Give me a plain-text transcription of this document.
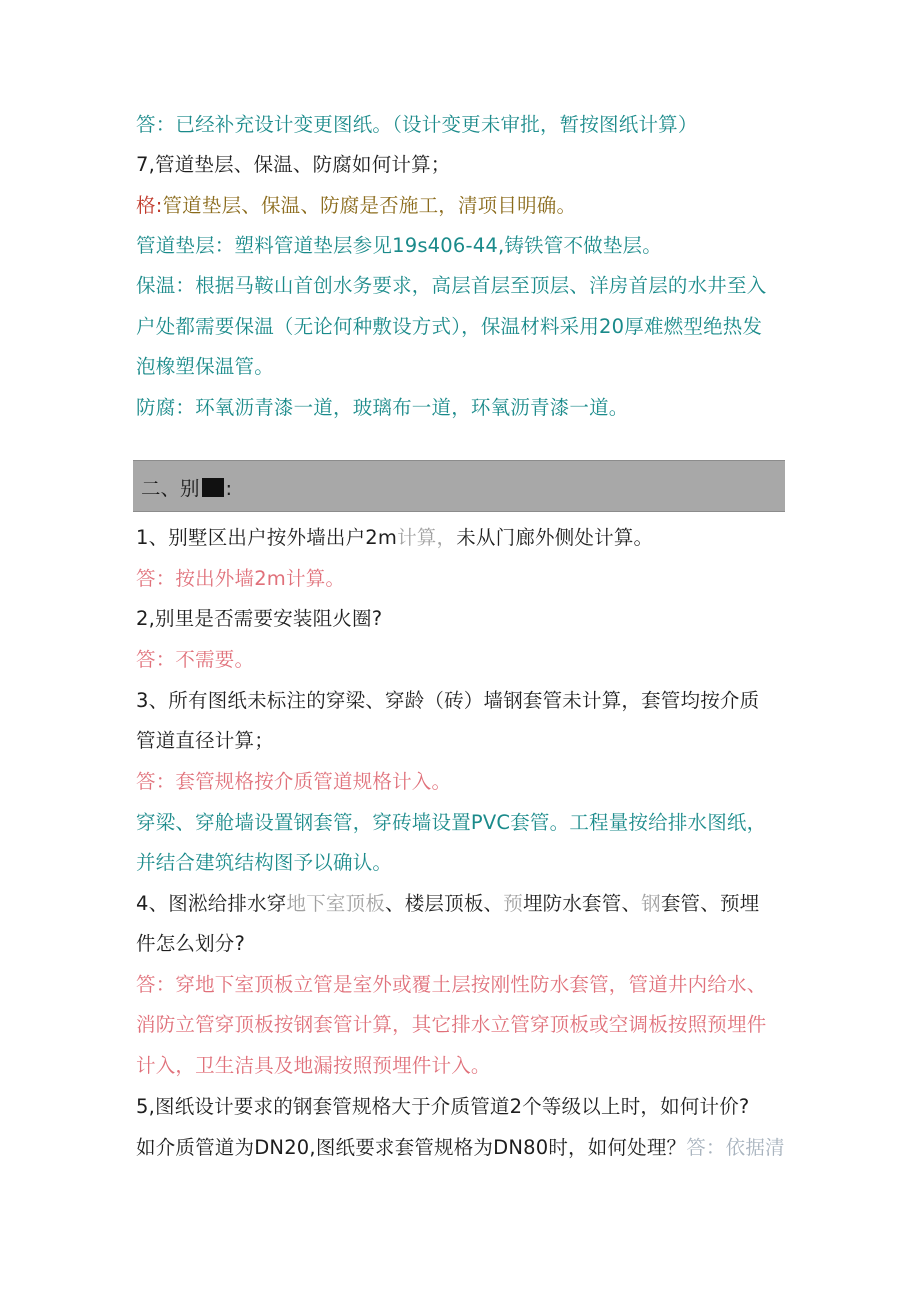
答：已经补充设计变更图纸。（设计变更未审批，暂按图纸计算）
7,管道垫层、保温、防腐如何计算；
格:管道垫层、保温、防腐是否施工，清项目明确。
管道垫层：塑料管道垫层参见19s406-44,铸铁管不做垫层。
保温：根据马鞍山首创水务要求，高层首层至顶层、洋房首层的水井至入
户处都需要保温（无论何种敷设方式），保温材料采用20厚难燃型绝热发
泡橡塑保温管。
防腐：环氧沥青漆一道，玻璃布一道，环氧沥青漆一道。
二、别 :
1、别墅区出户按外墙出户2m计算，未从门廊外侧处计算。
答：按出外墙2m计算。
2,别里是否需要安装阻火圈?
答：不需要。
3、所有图纸未标注的穿梁、穿龄（砖）墙钢套管未计算，套管均按介质
管道直径计算；
答：套管规格按介质管道规格计入。
穿梁、穿舱墙设置钢套管，穿砖墙设置PVC套管。工程量按给排水图纸，
并结合建筑结构图予以确认。
4、图淞给排水穿地下室顶板、楼层顶板、预埋防水套管、钢套管、预埋
件怎么划分?
答：穿地下室顶板立管是室外或覆土层按刚性防水套管，管道井内给水、
消防立管穿顶板按钢套管计算，其它排水立管穿顶板或空调板按照预埋件
计入，卫生洁具及地漏按照预埋件计入。
5,图纸设计要求的钢套管规格大于介质管道2个等级以上时，如何计价?
如介质管道为DN20,图纸要求套管规格为DN80时，如何处理？答：依据清
